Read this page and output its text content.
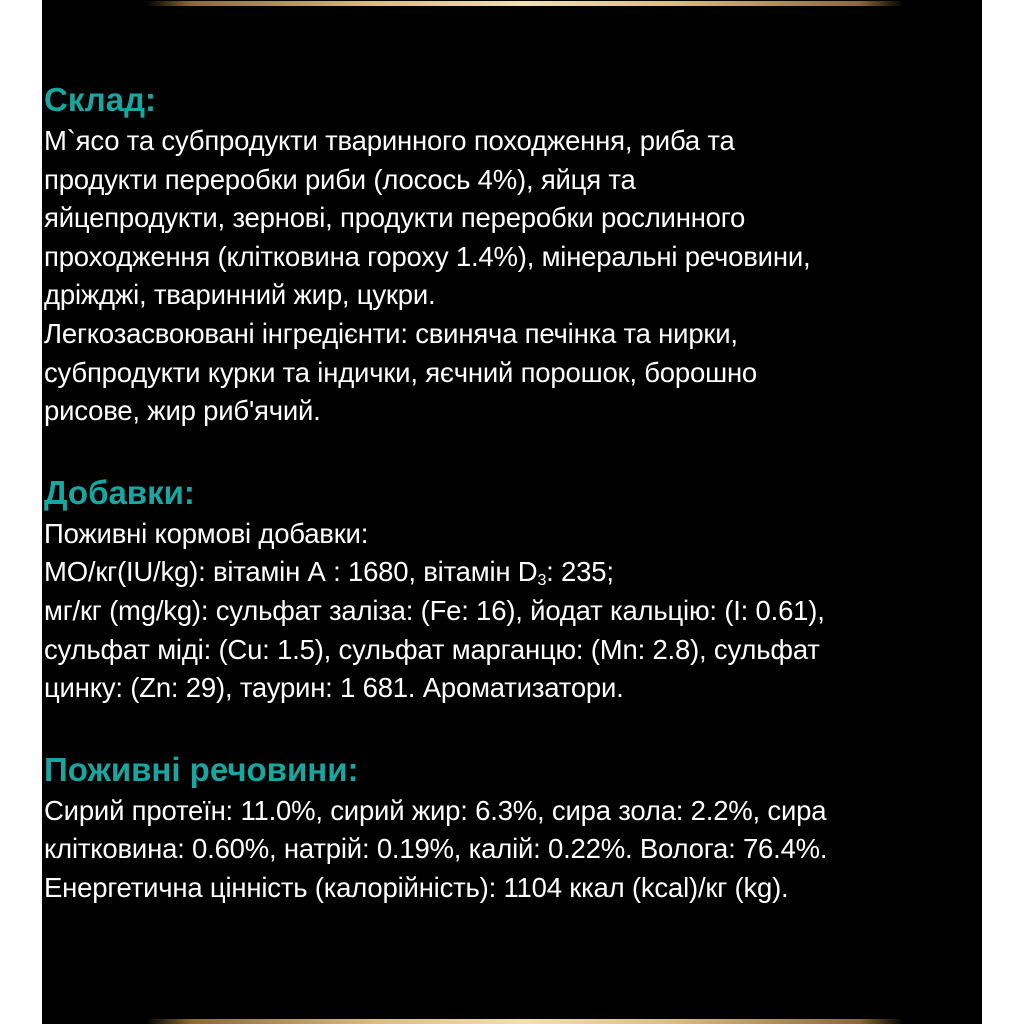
Склад:

М`ясо та субпродукти тваринного походження, риба та

продукти переробки риби (лосось 4%), яйця та

яйцепродукти, зернові, продукти переробки рослинного

проходження (клітковина гороху 1.4%), мінеральні речовини,

дріжджі, тваринний жир, цукри.

Легкозасвоювані інгредієнти: свиняча печінка та нирки,

субпродукти курки та індички, яєчний порошок, борошно

рисове, жир риб'ячий.

Добавки:

Поживні кормові добавки:

МО/кг(IU/kg): вітамін А : 1680, вітамін $D_3$: 235;

мг/кг (mg/kg): сульфат заліза: (Fe: 16), йодат кальцію: (I: 0.61),

сульфат міді: (Cu: 1.5), сульфат марганцю: (Mn: 2.8), сульфат

цинку: (Zn: 29), таурин: 1 681. Ароматизатори.

Поживні речовини:

Сирий протеїн: 11.0%, сирий жир: 6.3%, сира зола: 2.2%, сира

клітковина: 0.60%, натрій: 0.19%, калій: 0.22%. Волога: 76.4%.

Енергетична цінність (калорійність): 1104 ккал (kcal)/кг (kg).
